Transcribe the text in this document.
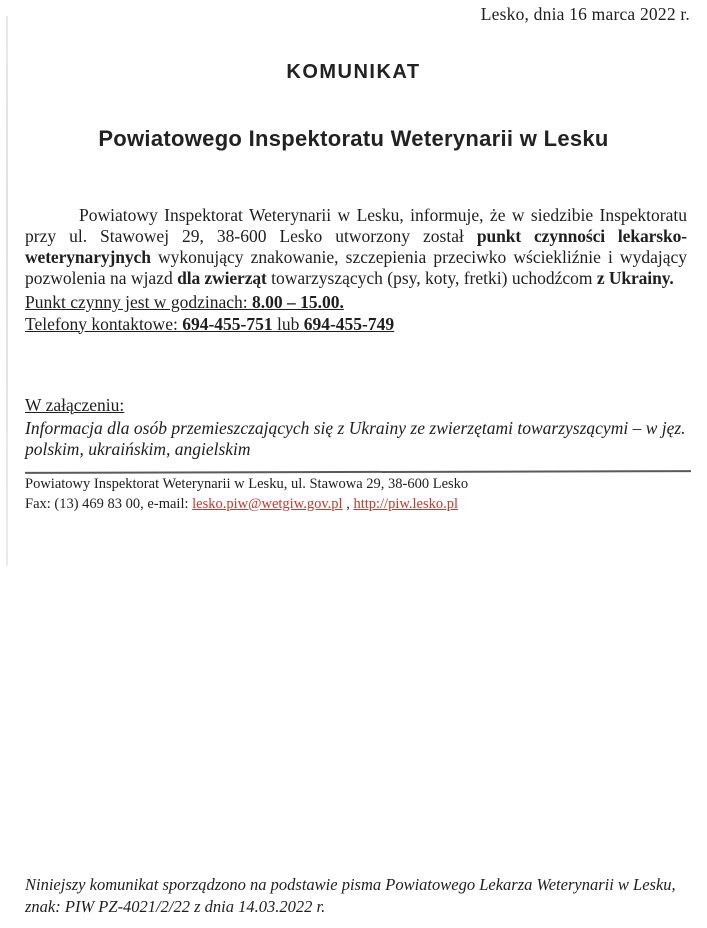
Lesko, dnia 16 marca 2022 r.
KOMUNIKAT
Powiatowego Inspektoratu Weterynarii w Lesku

Powiatowy Inspektorat Weterynarii w Lesku, informuje, że w siedzibie Inspektoratu przy ul. Stawowej 29, 38-600 Lesko utworzony został punkt czynności lekarsko-weterynaryjnych wykonujący znakowanie, szczepienia przeciwko wściekliźnie i wydający pozwolenia na wjazd dla zwierząt towarzyszących (psy, koty, fretki) uchodźcom z Ukrainy.

Punkt czynny jest w godzinach: 8.00 – 15.00.
Telefony kontaktowe: 694-455-751 lub 694-455-749
W załączeniu:
Informacja dla osób przemieszczających się z Ukrainy ze zwierzętami towarzyszącymi – w jęz. polskim, ukraińskim, angielskim
Powiatowy Inspektorat Weterynarii w Lesku, ul. Stawowa 29, 38-600 Lesko
Fax: (13) 469 83 00, e-mail: lesko.piw@wetgiw.gov.pl , http://piw.lesko.pl
Niniejszy komunikat sporządzono na podstawie pisma Powiatowego Lekarza Weterynarii w Lesku, znak: PIW PZ-4021/2/22 z dnia 14.03.2022 r.
